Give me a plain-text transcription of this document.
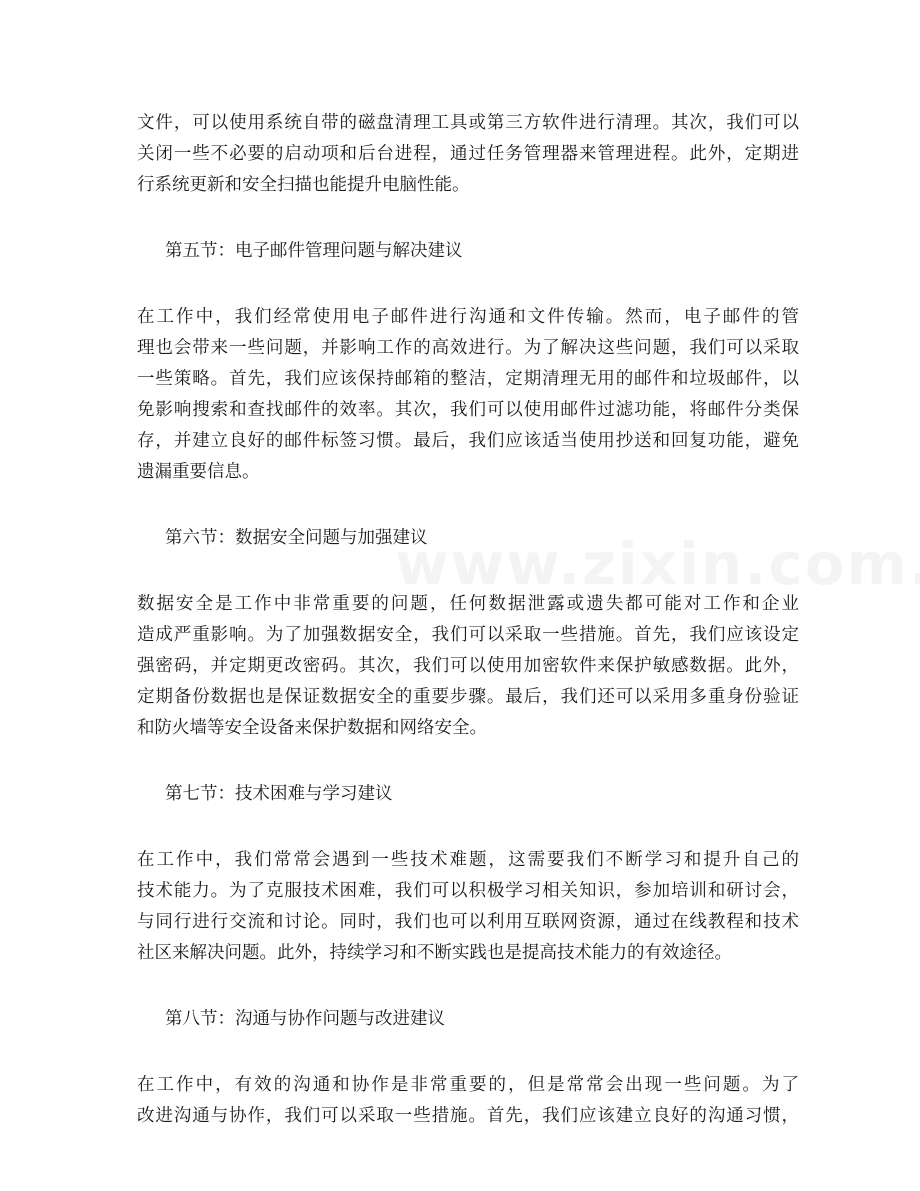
文件，可以使用系统自带的磁盘清理工具或第三方软件进行清理。其次，我们可以
关闭一些不必要的启动项和后台进程，通过任务管理器来管理进程。此外，定期进
行系统更新和安全扫描也能提升电脑性能。
第五节：电子邮件管理问题与解决建议
在工作中，我们经常使用电子邮件进行沟通和文件传输。然而，电子邮件的管
理也会带来一些问题，并影响工作的高效进行。为了解决这些问题，我们可以采取
一些策略。首先，我们应该保持邮箱的整洁，定期清理无用的邮件和垃圾邮件，以
免影响搜索和查找邮件的效率。其次，我们可以使用邮件过滤功能，将邮件分类保
存，并建立良好的邮件标签习惯。最后，我们应该适当使用抄送和回复功能，避免
遗漏重要信息。
第六节：数据安全问题与加强建议
数据安全是工作中非常重要的问题，任何数据泄露或遗失都可能对工作和企业
造成严重影响。为了加强数据安全，我们可以采取一些措施。首先，我们应该设定
强密码，并定期更改密码。其次，我们可以使用加密软件来保护敏感数据。此外，
定期备份数据也是保证数据安全的重要步骤。最后，我们还可以采用多重身份验证
和防火墙等安全设备来保护数据和网络安全。
第七节：技术困难与学习建议
在工作中，我们常常会遇到一些技术难题，这需要我们不断学习和提升自己的
技术能力。为了克服技术困难，我们可以积极学习相关知识，参加培训和研讨会，
与同行进行交流和讨论。同时，我们也可以利用互联网资源，通过在线教程和技术
社区来解决问题。此外，持续学习和不断实践也是提高技术能力的有效途径。
第八节：沟通与协作问题与改进建议
在工作中，有效的沟通和协作是非常重要的，但是常常会出现一些问题。为了
改进沟通与协作，我们可以采取一些措施。首先，我们应该建立良好的沟通习惯，
